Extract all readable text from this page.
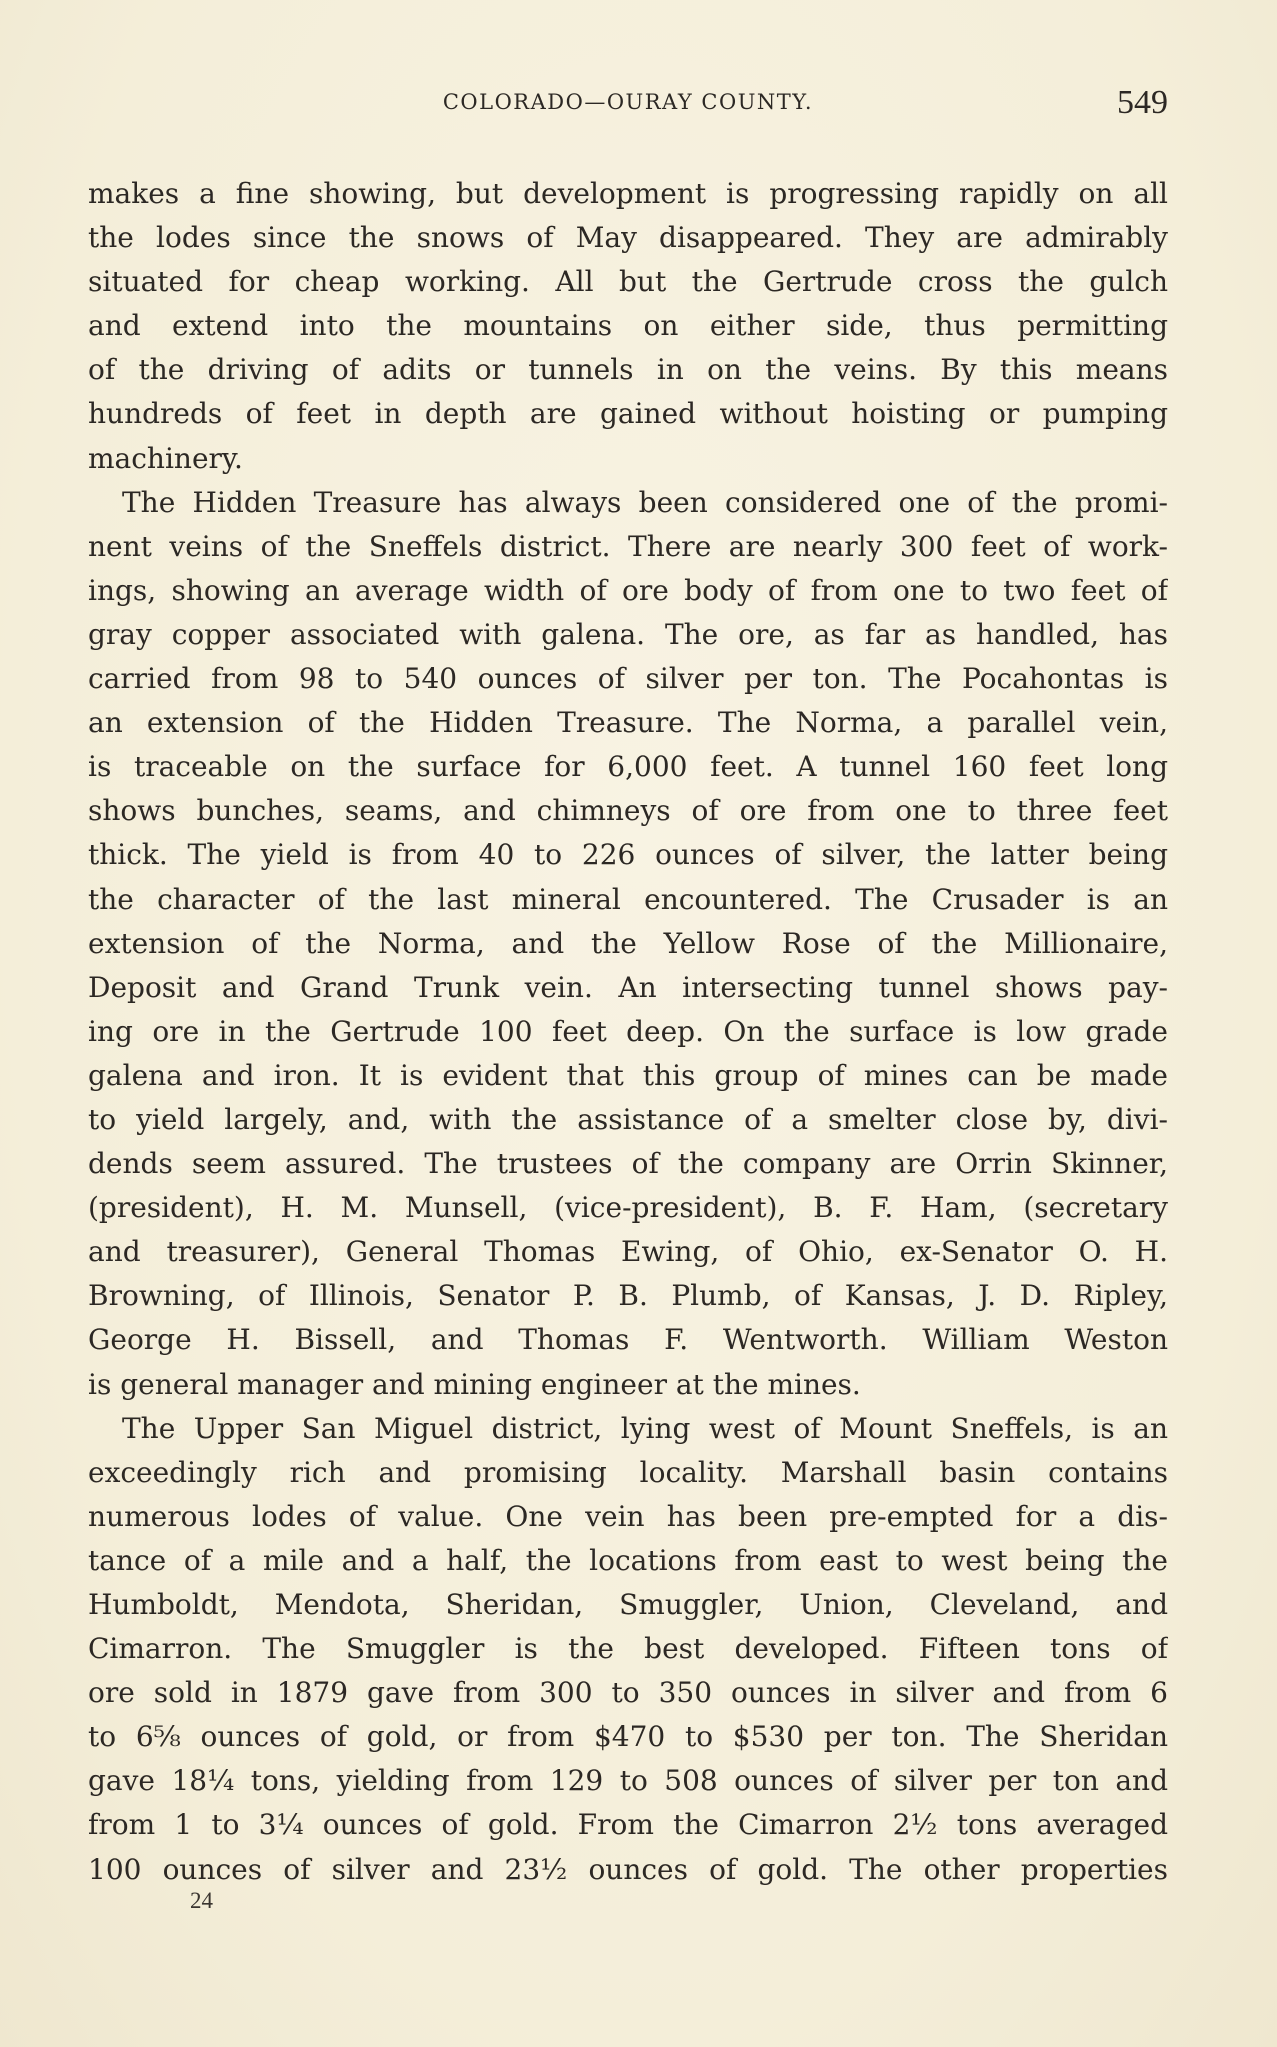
COLORADO—OURAY COUNTY.	549
makes a fine showing, but development is progressing rapidly on all
the lodes since the snows of May disappeared. They are admirably
situated for cheap working. All but the Gertrude cross the gulch
and extend into the mountains on either side, thus permitting
of the driving of adits or tunnels in on the veins. By this means
hundreds of feet in depth are gained without hoisting or pumping
machinery.
The Hidden Treasure has always been considered one of the promi-
nent veins of the Sneffels district. There are nearly 300 feet of work-
ings, showing an average width of ore body of from one to two feet of
gray copper associated with galena. The ore, as far as handled, has
carried from 98 to 540 ounces of silver per ton. The Pocahontas is
an extension of the Hidden Treasure. The Norma, a parallel vein,
is traceable on the surface for 6,000 feet. A tunnel 160 feet long
shows bunches, seams, and chimneys of ore from one to three feet
thick. The yield is from 40 to 226 ounces of silver, the latter being
the character of the last mineral encountered. The Crusader is an
extension of the Norma, and the Yellow Rose of the Millionaire,
Deposit and Grand Trunk vein. An intersecting tunnel shows pay-
ing ore in the Gertrude 100 feet deep. On the surface is low grade
galena and iron. It is evident that this group of mines can be made
to yield largely, and, with the assistance of a smelter close by, divi-
dends seem assured. The trustees of the company are Orrin Skinner,
(president), H. M. Munsell, (vice-president), B. F. Ham, (secretary
and treasurer), General Thomas Ewing, of Ohio, ex-Senator O. H.
Browning, of Illinois, Senator P. B. Plumb, of Kansas, J. D. Ripley,
George H. Bissell, and Thomas F. Wentworth. William Weston
is general manager and mining engineer at the mines.
The Upper San Miguel district, lying west of Mount Sneffels, is an
exceedingly rich and promising locality. Marshall basin contains
numerous lodes of value. One vein has been pre-empted for a dis-
tance of a mile and a half, the locations from east to west being the
Humboldt, Mendota, Sheridan, Smuggler, Union, Cleveland, and
Cimarron. The Smuggler is the best developed. Fifteen tons of
ore sold in 1879 gave from 300 to 350 ounces in silver and from 6
to 6⅝ ounces of gold, or from $470 to $530 per ton. The Sheridan
gave 18¼ tons, yielding from 129 to 508 ounces of silver per ton and
from 1 to 3¼ ounces of gold. From the Cimarron 2½ tons averaged
100 ounces of silver and 23½ ounces of gold. The other properties
24
